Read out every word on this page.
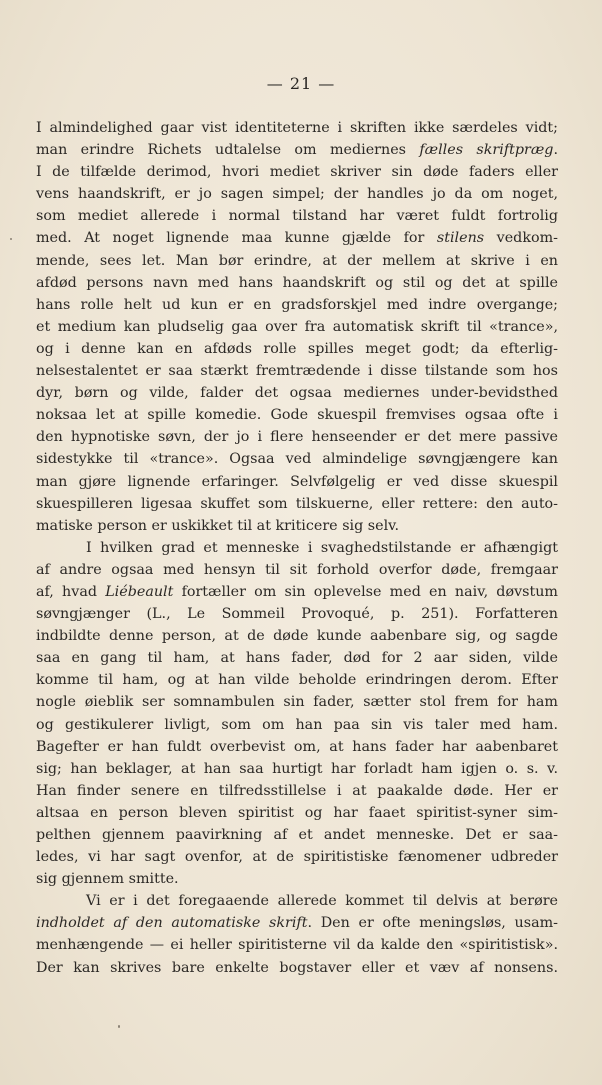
— 21 —
I almindelighed gaar vist identiteterne i skriften ikke særdeles vidt;
man erindre Richets udtalelse om mediernes fælles skriftpræg.
I de tilfælde derimod, hvori mediet skriver sin døde faders eller
vens haandskrift, er jo sagen simpel; der handles jo da om noget,
som mediet allerede i normal tilstand har været fuldt fortrolig
med. At noget lignende maa kunne gjælde for stilens vedkom-
mende, sees let. Man bør erindre, at der mellem at skrive i en
afdød persons navn med hans haandskrift og stil og det at spille
hans rolle helt ud kun er en gradsforskjel med indre overgange;
et medium kan pludselig gaa over fra automatisk skrift til «trance»,
og i denne kan en afdøds rolle spilles meget godt; da efterlig-
nelsestalentet er saa stærkt fremtrædende i disse tilstande som hos
dyr, børn og vilde, falder det ogsaa mediernes under-bevidsthed
noksaa let at spille komedie. Gode skuespil fremvises ogsaa ofte i
den hypnotiske søvn, der jo i flere henseender er det mere passive
sidestykke til «trance». Ogsaa ved almindelige søvngjængere kan
man gjøre lignende erfaringer. Selvfølgelig er ved disse skuespil
skuespilleren ligesaa skuffet som tilskuerne, eller rettere: den auto-
matiske person er uskikket til at kriticere sig selv.
I hvilken grad et menneske i svaghedstilstande er afhængigt
af andre ogsaa med hensyn til sit forhold overfor døde, fremgaar
af, hvad Liébeault fortæller om sin oplevelse med en naiv, døvstum
søvngjænger (L., Le Sommeil Provoqué, p. 251). Forfatteren
indbildte denne person, at de døde kunde aabenbare sig, og sagde
saa en gang til ham, at hans fader, død for 2 aar siden, vilde
komme til ham, og at han vilde beholde erindringen derom. Efter
nogle øieblik ser somnambulen sin fader, sætter stol frem for ham
og gestikulerer livligt, som om han paa sin vis taler med ham.
Bagefter er han fuldt overbevist om, at hans fader har aabenbaret
sig; han beklager, at han saa hurtigt har forladt ham igjen o. s. v.
Han finder senere en tilfredsstillelse i at paakalde døde. Her er
altsaa en person bleven spiritist og har faaet spiritist-syner sim-
pelthen gjennem paavirkning af et andet menneske. Det er saa-
ledes, vi har sagt ovenfor, at de spiritistiske fænomener udbreder
sig gjennem smitte.
Vi er i det foregaaende allerede kommet til delvis at berøre
indholdet af den automatiske skrift. Den er ofte meningsløs, usam-
menhængende — ei heller spiritisterne vil da kalde den «spiritistisk».
Der kan skrives bare enkelte bogstaver eller et væv af nonsens.
